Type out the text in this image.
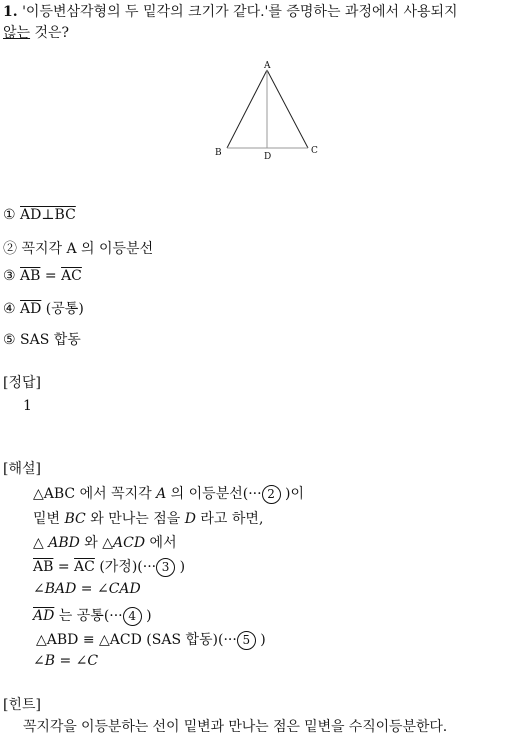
1. '이등변삼각형의 두 밑각의 크기가 같다.'를 증명하는 과정에서 사용되지
않는 것은?
A
B	C
D
① AD⊥BC
② 꼭지각 A 의 이등분선
③ $\overline{AB} = \overline{AC}$
④ $\overline{AD}$ (공통)
⑤ SAS 합동
[정답]
1
[해설]
△ABC 에서 꼭지각 A 의 이등분선(··· 2 )이
밑변 BC 와 만나는 점을 D 라고 하면,
△ ABD 와 △ACD 에서
$\overline{AB} = \overline{AC}$ (가정)(··· 3 )
∠BAD = ∠CAD
$\overline{AD}$ 는 공통(··· 4 )
△ABD ≡ △ACD (SAS 합동)(··· 5 )
∠B = ∠C
[힌트]
꼭지각을 이등분하는 선이 밑변과 만나는 점은 밑변을 수직이등분한다.
